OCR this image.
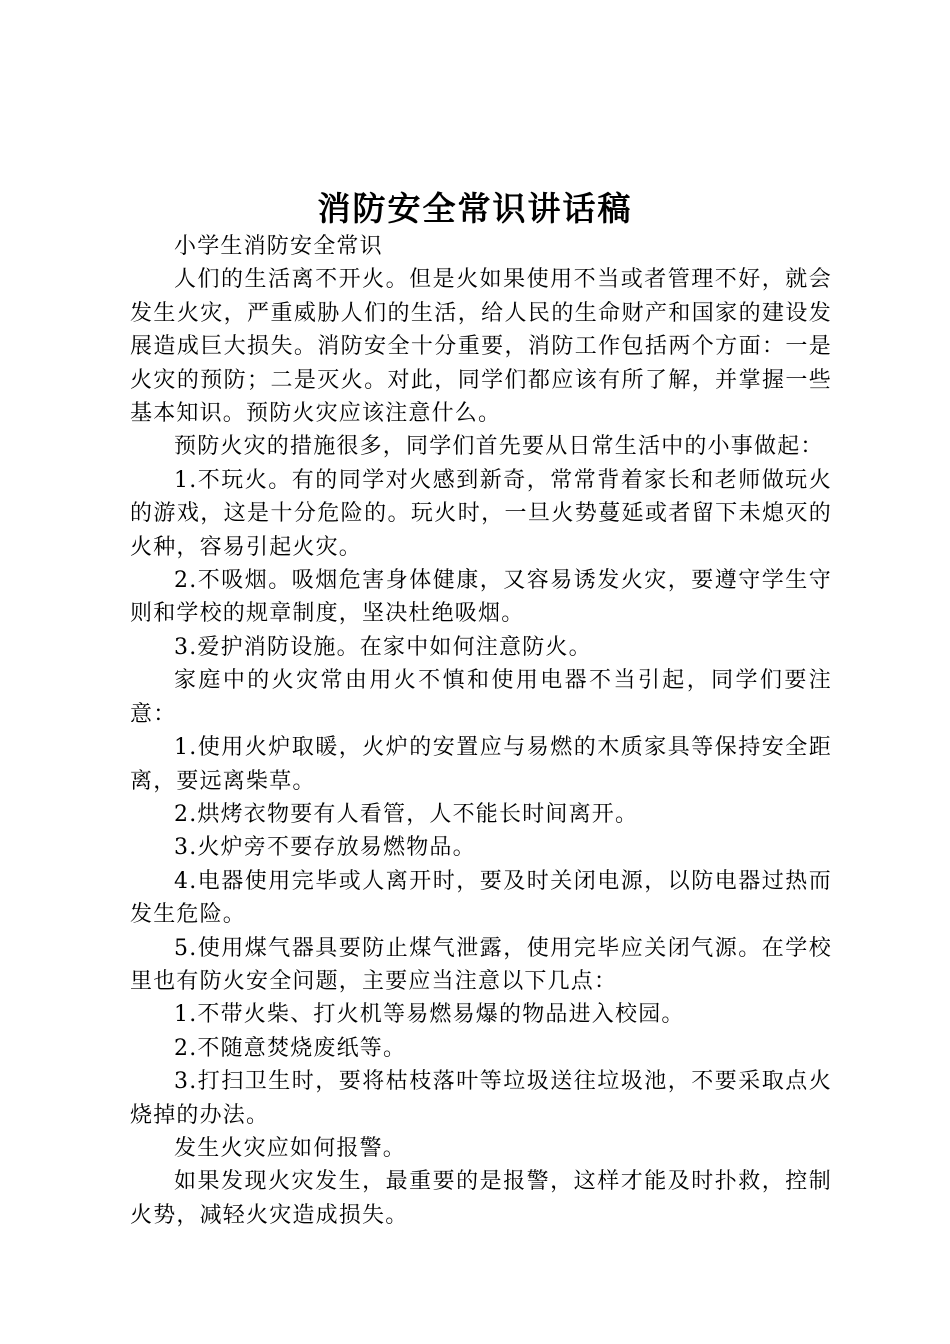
消防安全常识讲话稿

小学生消防安全常识

人们的生活离不开火。但是火如果使用不当或者管理不好，就会发生火灾，严重威胁人们的生活，给人民的生命财产和国家的建设发展造成巨大损失。消防安全十分重要，消防工作包括两个方面：一是火灾的预防；二是灭火。对此，同学们都应该有所了解，并掌握一些基本知识。预防火灾应该注意什么。

预防火灾的措施很多，同学们首先要从日常生活中的小事做起：

1.不玩火。有的同学对火感到新奇，常常背着家长和老师做玩火的游戏，这是十分危险的。玩火时，一旦火势蔓延或者留下未熄灭的火种，容易引起火灾。

2.不吸烟。吸烟危害身体健康，又容易诱发火灾，要遵守学生守则和学校的规章制度，坚决杜绝吸烟。

3.爱护消防设施。在家中如何注意防火。

家庭中的火灾常由用火不慎和使用电器不当引起，同学们要注意：

1.使用火炉取暖，火炉的安置应与易燃的木质家具等保持安全距离，要远离柴草。

2.烘烤衣物要有人看管，人不能长时间离开。

3.火炉旁不要存放易燃物品。

4.电器使用完毕或人离开时，要及时关闭电源，以防电器过热而发生危险。

5.使用煤气器具要防止煤气泄露，使用完毕应关闭气源。在学校里也有防火安全问题，主要应当注意以下几点：

1.不带火柴、打火机等易燃易爆的物品进入校园。

2.不随意焚烧废纸等。

3.打扫卫生时，要将枯枝落叶等垃圾送往垃圾池，不要采取点火烧掉的办法。

发生火灾应如何报警。

如果发现火灾发生，最重要的是报警，这样才能及时扑救，控制火势，减轻火灾造成损失。
